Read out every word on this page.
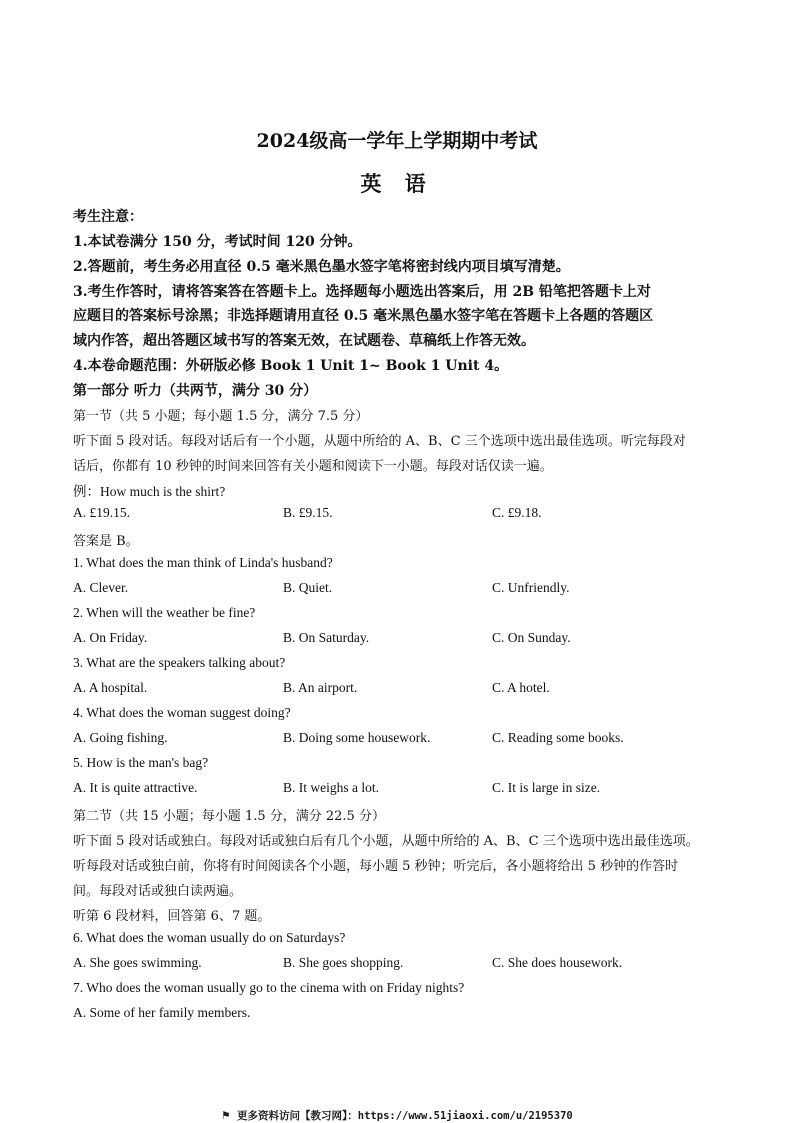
2024级高一学年上学期期中考试
英 语
考生注意：
1.本试卷满分 150 分，考试时间 120 分钟。
2.答题前，考生务必用直径 0.5 毫米黑色墨水签字笔将密封线内项目填写清楚。
3.考生作答时，请将答案答在答题卡上。选择题每小题选出答案后，用 2B 铅笔把答题卡上对
应题目的答案标号涂黑；非选择题请用直径 0.5 毫米黑色墨水签字笔在答题卡上各题的答题区
域内作答，超出答题区域书写的答案无效，在试题卷、草稿纸上作答无效。
4.本卷命题范围：外研版必修 Book 1 Unit 1~ Book 1 Unit 4。
第一部分 听力（共两节，满分 30 分）
第一节（共 5 小题；每小题 1.5 分，满分 7.5 分）
听下面 5 段对话。每段对话后有一个小题，从题中所给的 A、B、C 三个选项中选出最佳选项。听完每段对
话后，你都有 10 秒钟的时间来回答有关小题和阅读下一小题。每段对话仅读一遍。
例：How much is the shirt?
A. £19.15.	B. £9.15.	C. £9.18.
答案是 B。
1. What does the man think of Linda's husband?
A. Clever.	B. Quiet.	C. Unfriendly.
2. When will the weather be fine?
A. On Friday.	B. On Saturday.	C. On Sunday.
3. What are the speakers talking about?
A. A hospital.	B. An airport.	C. A hotel.
4. What does the woman suggest doing?
A. Going fishing.	B. Doing some housework.	C. Reading some books.
5. How is the man's bag?
A. It is quite attractive.	B. It weighs a lot.	C. It is large in size.
第二节（共 15 小题；每小题 1.5 分，满分 22.5 分）
听下面 5 段对话或独白。每段对话或独白后有几个小题，从题中所给的 A、B、C 三个选项中选出最佳选项。
听每段对话或独白前，你将有时间阅读各个小题，每小题 5 秒钟；听完后，各小题将给出 5 秒钟的作答时
间。每段对话或独白读两遍。
听第 6 段材料，回答第 6、7 题。
6. What does the woman usually do on Saturdays?
A. She goes swimming.	B. She goes shopping.	C. She does housework.
7. Who does the woman usually go to the cinema with on Friday nights?
A. Some of her family members.
⚑ 更多资料访问【教习网】：https://www.51jiaoxi.com/u/2195370
